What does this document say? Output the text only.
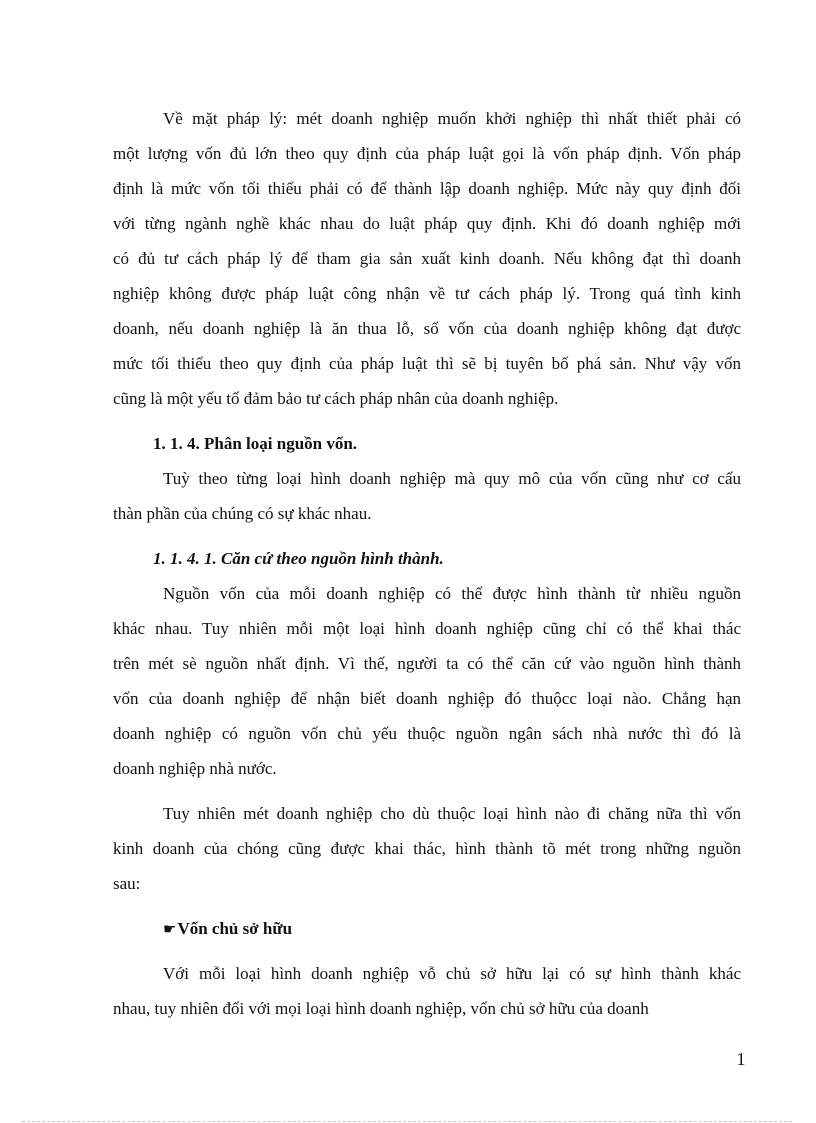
Về mặt pháp lý: mét doanh nghiệp muốn khởi nghiệp thì nhất thiết phải có
một lượng vốn đủ lớn theo quy định của pháp luật gọi là vốn pháp định. Vốn pháp
định là mức vốn tối thiểu phải có để thành lập doanh nghiệp. Mức này quy định đối
với từng ngành nghề khác nhau do luật pháp quy định. Khi đó doanh nghiệp mới
có đủ tư cách pháp lý để tham gia sản xuất kinh doanh. Nếu không đạt thì doanh
nghiệp không được pháp luật công nhận về tư cách pháp lý. Trong quá tình kinh
doanh, nếu doanh nghiệp là ăn thua lỗ, số vốn của doanh nghiệp không đạt được
mức tối thiểu theo quy định của pháp luật thì sẽ bị tuyên bố phá sản. Như vậy vốn
cũng là một yếu tố đảm bảo tư cách pháp nhân của doanh nghiệp.
1. 1. 4. Phân loại nguồn vốn.
Tuỳ theo từng loại hình doanh nghiệp mà quy mô của vốn cũng như cơ cấu
thàn phần của chúng có sự khác nhau.
1. 1. 4. 1. Căn cứ theo nguồn hình thành.
Nguồn vốn của mỗi doanh nghiệp có thể được hình thành từ nhiều nguồn
khác nhau. Tuy nhiên mỗi một loại hình doanh nghiệp cũng chỉ có thể khai thác
trên mét sè nguồn nhất định. Vì thế, người ta có thể căn cứ vào nguồn hình thành
vốn của doanh nghiệp để nhận biết doanh nghiệp đó thuộcc loại nào. Chẳng hạn
doanh nghiệp có nguồn vốn chủ yếu thuộc nguồn ngân sách nhà nước thì đó là
doanh nghiệp nhà nước.
Tuy nhiên mét doanh nghiệp cho dù thuộc loại hình nào đi chăng nữa thì vốn
kinh doanh của chóng cũng được khai thác, hình thành tõ mét trong những nguồn
sau:
☛Vốn chủ sở hữu
Với mỗi loại hình doanh nghiệp vỗ chủ sở hữu lại có sự hình thành khác
nhau, tuy nhiên đối với mọi loại hình doanh nghiệp, vốn chủ sở hữu của doanh
1
